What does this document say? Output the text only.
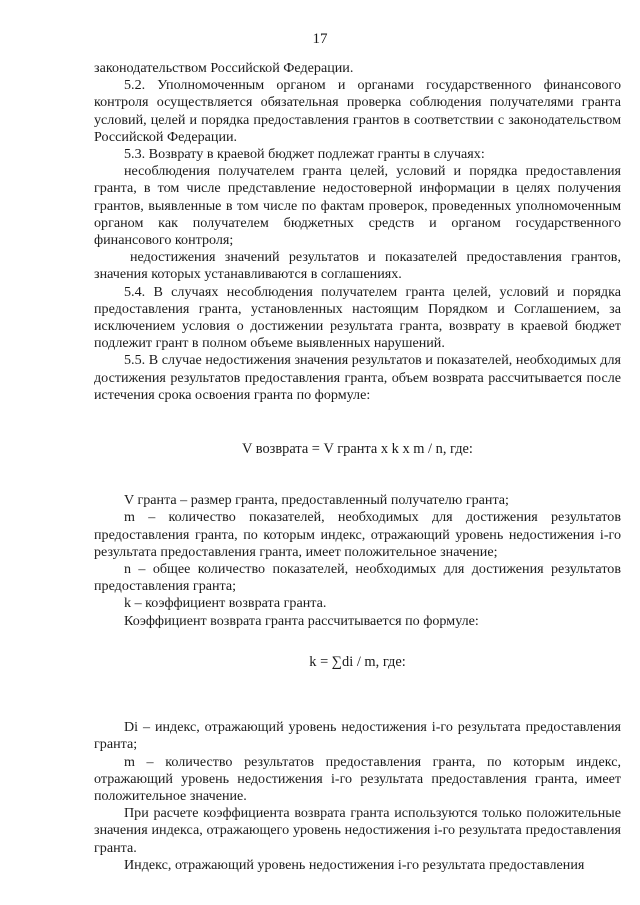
17

законодательством Российской Федерации.

5.2. Уполномоченным органом и органами государственного финансового контроля осуществляется обязательная проверка соблюдения получателями гранта условий, целей и порядка предоставления грантов в соответствии с законодательством Российской Федерации.

5.3. Возврату в краевой бюджет подлежат гранты в случаях:

несоблюдения получателем гранта целей, условий и порядка предоставления гранта, в том числе представление недостоверной информации в целях получения грантов, выявленные в том числе по фактам проверок, проведенных уполномоченным органом как получателем бюджетных средств и органом государственного финансового контроля;

недостижения значений результатов и показателей предоставления грантов, значения которых устанавливаются в соглашениях.

5.4. В случаях несоблюдения получателем гранта целей, условий и порядка предоставления гранта, установленных настоящим Порядком и Соглашением, за исключением условия о достижении результата гранта, возврату в краевой бюджет подлежит грант в полном объеме выявленных нарушений.

5.5. В случае недостижения значения результатов и показателей, необходимых для достижения результатов предоставления гранта, объем возврата рассчитывается после истечения срока освоения гранта по формуле:

V возврата = V гранта х k х m / n, где:

V гранта – размер гранта, предоставленный получателю гранта;

m – количество показателей, необходимых для достижения результатов предоставления гранта, по которым индекс, отражающий уровень недостижения i-го результата предоставления гранта, имеет положительное значение;

n – общее количество показателей, необходимых для достижения результатов предоставления гранта;

k – коэффициент возврата гранта.

Коэффициент возврата гранта рассчитывается по формуле:

k = ∑di / m, где:

Di – индекс, отражающий уровень недостижения i-го результата предоставления гранта;

m – количество результатов предоставления гранта, по которым индекс, отражающий уровень недостижения i-го результата предоставления гранта, имеет положительное значение.

При расчете коэффициента возврата гранта используются только положительные значения индекса, отражающего уровень недостижения i-го результата предоставления гранта.

Индекс, отражающий уровень недостижения i-го результата предоставления
